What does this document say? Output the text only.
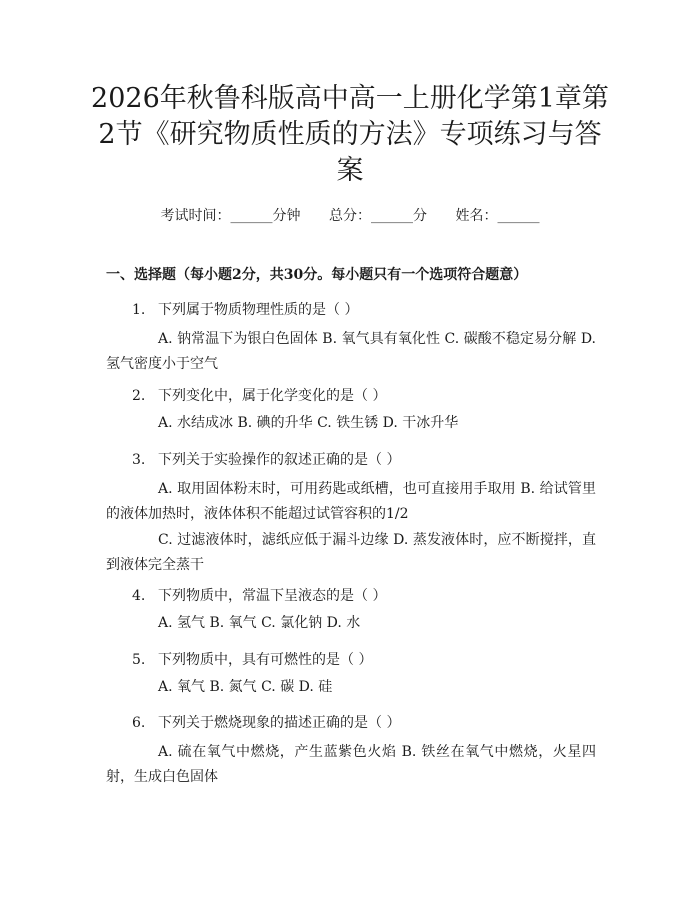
2026年秋鲁科版高中高一上册化学第1章第
2节《研究物质性质的方法》专项练习与答
案
考试时间：______分钟 总分：______分 姓名：______
一、选择题（每小题2分，共30分。每小题只有一个选项符合题意）
1. 下列属于物质物理性质的是（ ）
A. 钠常温下为银白色固体 B. 氧气具有氧化性 C. 碳酸不稳定易分解 D. 氢气密度小于空气
2. 下列变化中，属于化学变化的是（ ）
A. 水结成冰 B. 碘的升华 C. 铁生锈 D. 干冰升华
3. 下列关于实验操作的叙述正确的是（ ）
A. 取用固体粉末时，可用药匙或纸槽，也可直接用手取用 B. 给试管里的液体加热时，液体体积不能超过试管容积的1/2
C. 过滤液体时，滤纸应低于漏斗边缘 D. 蒸发液体时，应不断搅拌，直到液体完全蒸干
4. 下列物质中，常温下呈液态的是（ ）
A. 氢气 B. 氧气 C. 氯化钠 D. 水
5. 下列物质中，具有可燃性的是（ ）
A. 氧气 B. 氮气 C. 碳 D. 硅
6. 下列关于燃烧现象的描述正确的是（ ）
A. 硫在氧气中燃烧，产生蓝紫色火焰 B. 铁丝在氧气中燃烧，火星四射，生成白色固体
